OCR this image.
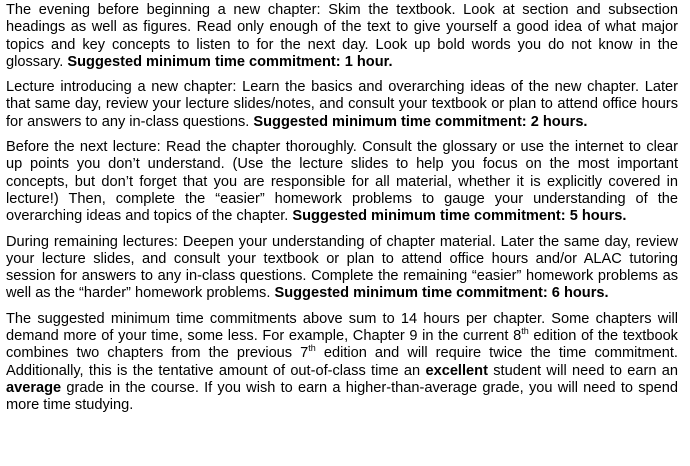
The evening before beginning a new chapter: Skim the textbook. Look at section and subsection headings as well as figures. Read only enough of the text to give yourself a good idea of what major topics and key concepts to listen to for the next day. Look up bold words you do not know in the glossary. Suggested minimum time commitment: 1 hour.

Lecture introducing a new chapter: Learn the basics and overarching ideas of the new chapter. Later that same day, review your lecture slides/notes, and consult your textbook or plan to attend office hours for answers to any in-class questions. Suggested minimum time commitment: 2 hours.

Before the next lecture: Read the chapter thoroughly. Consult the glossary or use the internet to clear up points you don’t understand. (Use the lecture slides to help you focus on the most important concepts, but don’t forget that you are responsible for all material, whether it is explicitly covered in lecture!) Then, complete the “easier” homework problems to gauge your understanding of the overarching ideas and topics of the chapter. Suggested minimum time commitment: 5 hours.

During remaining lectures: Deepen your understanding of chapter material. Later the same day, review your lecture slides, and consult your textbook or plan to attend office hours and/or ALAC tutoring session for answers to any in-class questions. Complete the remaining “easier” homework problems as well as the “harder” homework problems. Suggested minimum time commitment: 6 hours.

The suggested minimum time commitments above sum to 14 hours per chapter. Some chapters will demand more of your time, some less. For example, Chapter 9 in the current 8th edition of the textbook combines two chapters from the previous 7th edition and will require twice the time commitment. Additionally, this is the tentative amount of out-of-class time an excellent student will need to earn an average grade in the course. If you wish to earn a higher-than-average grade, you will need to spend more time studying.
